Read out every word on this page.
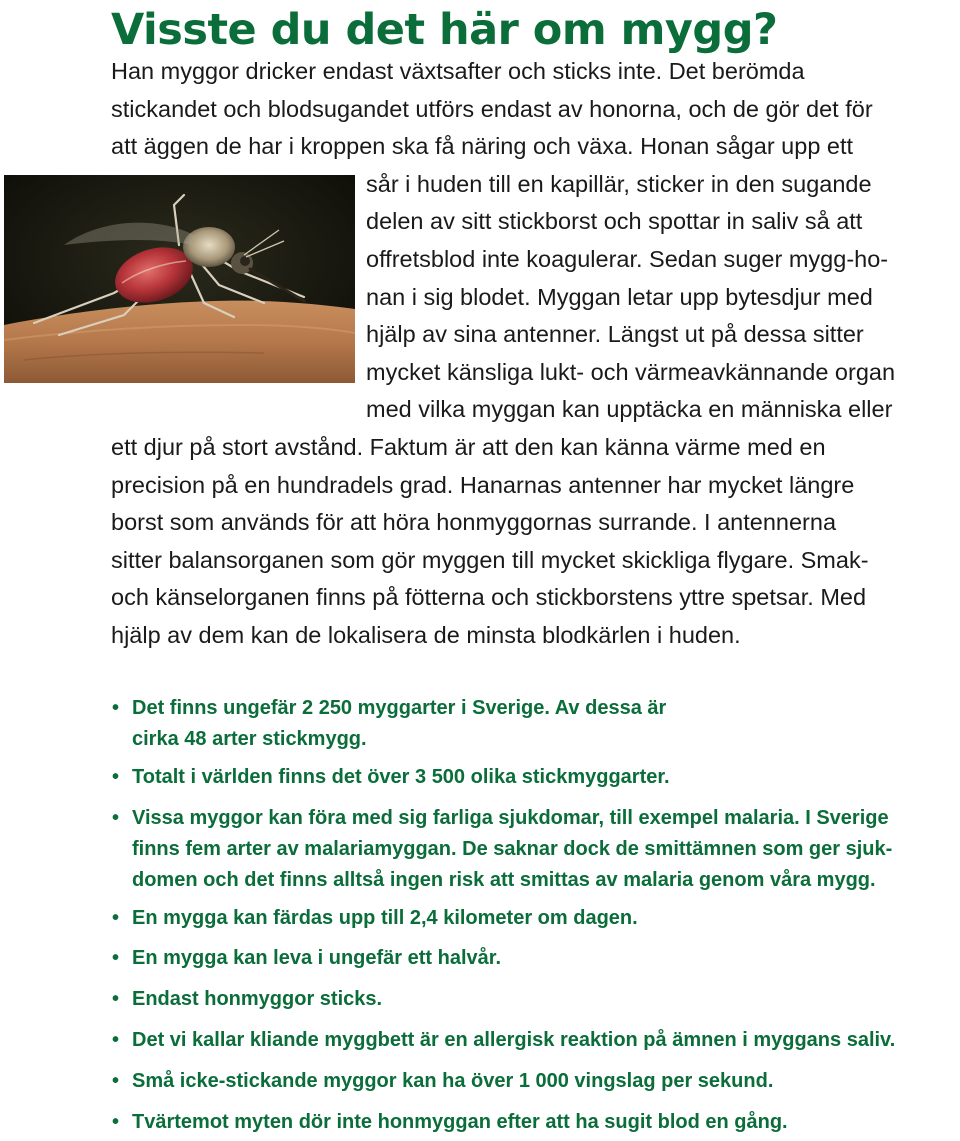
Visste du det här om mygg?
Han myggor dricker endast växtsafter och sticks inte. Det berömda
stickandet och blodsugandet utförs endast av honorna, och de gör det för
att äggen de har i kroppen ska få näring och växa. Honan sågar upp ett
sår i huden till en kapillär, sticker in den sugande
delen av sitt stickborst och spottar in saliv så att
offretsblod inte koagulerar. Sedan suger mygg-ho-
nan i sig blodet. Myggan letar upp bytesdjur med
hjälp av sina antenner. Längst ut på dessa sitter
mycket känsliga lukt- och värmeavkännande organ
med vilka myggan kan upptäcka en människa eller
ett djur på stort avstånd. Faktum är att den kan känna värme med en
precision på en hundradels grad. Hanarnas antenner har mycket längre
borst som används för att höra honmyggornas surrande. I antennerna
sitter balansorganen som gör myggen till mycket skickliga flygare. Smak-
och känselorganen finns på fötterna och stickborstens yttre spetsar. Med
hjälp av dem kan de lokalisera de minsta blodkärlen i huden.
• Det finns ungefär 2 250 myggarter i Sverige. Av dessa är
cirka 48 arter stickmygg.
• Totalt i världen finns det över 3 500 olika stickmyggarter.
• Vissa myggor kan föra med sig farliga sjukdomar, till exempel malaria. I Sverige
finns fem arter av malariamyggan. De saknar dock de smittämnen som ger sjuk-
domen och det finns alltså ingen risk att smittas av malaria genom våra mygg.
• En mygga kan färdas upp till 2,4 kilometer om dagen.
• En mygga kan leva i ungefär ett halvår.
• Endast honmyggor sticks.
• Det vi kallar kliande myggbett är en allergisk reaktion på ämnen i myggans saliv.
• Små icke-stickande myggor kan ha över 1 000 vingslag per sekund.
• Tvärtemot myten dör inte honmyggan efter att ha sugit blod en gång.
